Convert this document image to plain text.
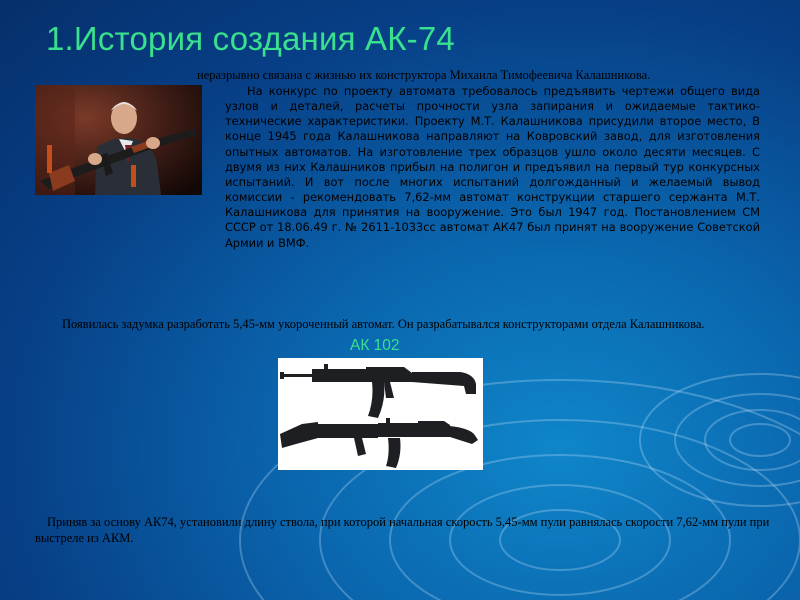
1.История создания АК-74
неразрывно связана с жизнью их конструктора Михаила Тимофеевича Калашникова.

На конкурс по проекту автомата требовалось предъявить чертежи общего вида узлов и деталей, расчеты прочности узла запирания и ожидаемые тактико-технические характеристики. Проекту М.Т. Калашникова присудили второе место, В конце 1945 года Калашникова направляют на Ковровский завод, для изготовления опытных автоматов. На изготовление трех образцов ушло около десяти месяцев. С двумя из них Калашников прибыл на полигон и предъявил на первый тур конкурсных испытаний. И вот после многих испытаний долгожданный и желаемый вывод комиссии - рекомендовать 7,62-мм автомат конструкции старшего сержанта М.Т. Калашникова для принятия на вооружение. Это был 1947 год. Постановлением СМ СССР от 18.06.49 г. № 2611-1033сс автомат АК47 был принят на вооружение Советской Армии и ВМФ.

Появилась задумка разработать 5,45-мм укороченный автомат. Он разрабатывался конструкторами отдела Калашникова.

АК 102

Приняв за основу АК74, установили длину ствола, при которой начальная скорость 5,45-мм пули равнялась скорости 7,62-мм пули при выстреле из АКМ.
